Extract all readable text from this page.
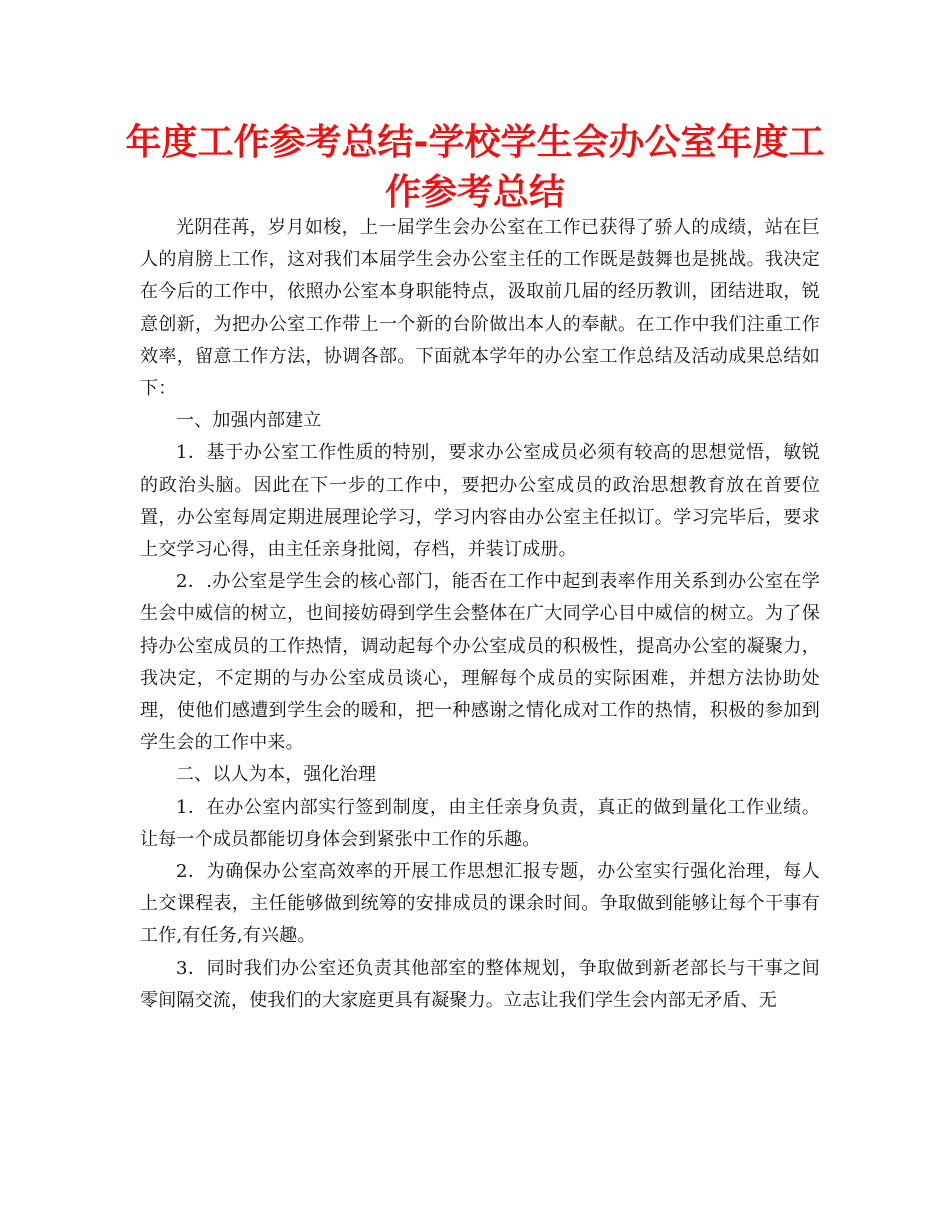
年度工作参考总结-学校学生会办公室年度工作参考总结

光阴荏苒，岁月如梭，上一届学生会办公室在工作已获得了骄人的成绩，站在巨人的肩膀上工作，这对我们本届学生会办公室主任的工作既是鼓舞也是挑战。我决定在今后的工作中，依照办公室本身职能特点，汲取前几届的经历教训，团结进取，锐意创新，为把办公室工作带上一个新的台阶做出本人的奉献。在工作中我们注重工作效率，留意工作方法，协调各部。下面就本学年的办公室工作总结及活动成果总结如下：

一、加强内部建立

1．基于办公室工作性质的特别，要求办公室成员必须有较高的思想觉悟，敏锐的政治头脑。因此在下一步的工作中，要把办公室成员的政治思想教育放在首要位置，办公室每周定期进展理论学习，学习内容由办公室主任拟订。学习完毕后，要求上交学习心得，由主任亲身批阅，存档，并装订成册。

2．.办公室是学生会的核心部门，能否在工作中起到表率作用关系到办公室在学生会中威信的树立，也间接妨碍到学生会整体在广大同学心目中威信的树立。为了保持办公室成员的工作热情，调动起每个办公室成员的积极性，提高办公室的凝聚力，我决定，不定期的与办公室成员谈心，理解每个成员的实际困难，并想方法协助处理，使他们感遭到学生会的暖和，把一种感谢之情化成对工作的热情，积极的参加到学生会的工作中来。

二、以人为本，强化治理

1．在办公室内部实行签到制度，由主任亲身负责，真正的做到量化工作业绩。让每一个成员都能切身体会到紧张中工作的乐趣。

2．为确保办公室高效率的开展工作思想汇报专题，办公室实行强化治理，每人上交课程表，主任能够做到统筹的安排成员的课余时间。争取做到能够让每个干事有工作,有任务,有兴趣。

3．同时我们办公室还负责其他部室的整体规划，争取做到新老部长与干事之间零间隔交流，使我们的大家庭更具有凝聚力。立志让我们学生会内部无矛盾、无
